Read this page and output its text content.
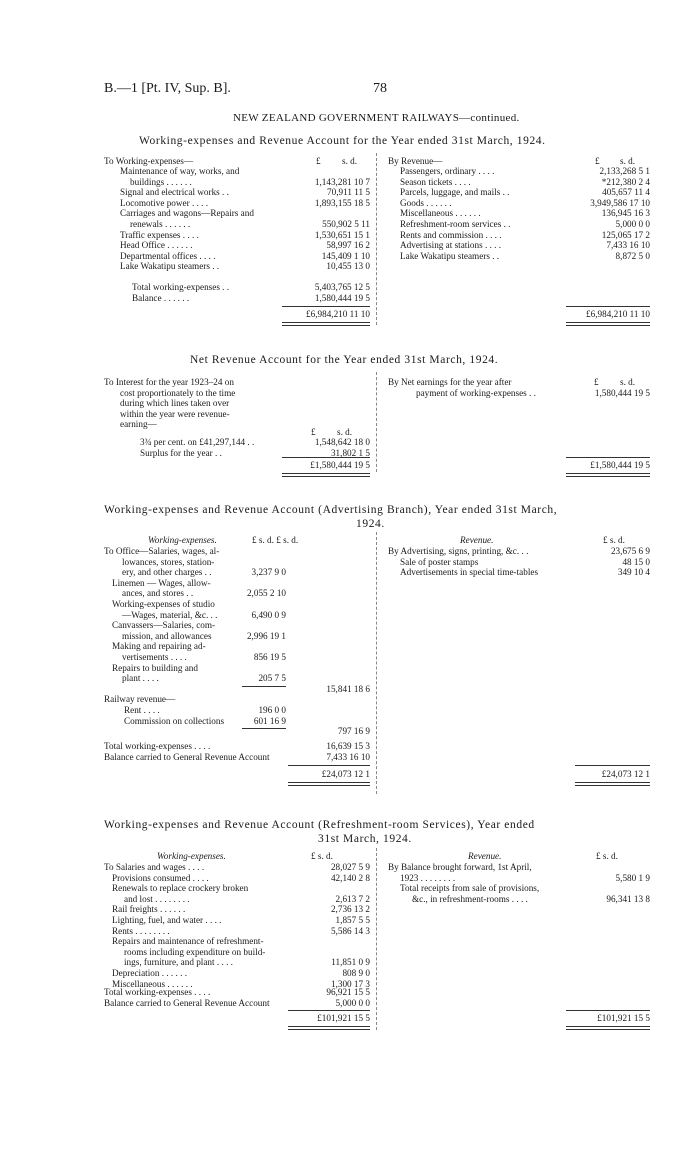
B.—1 [Pt. IV, Sup. B].	78
NEW ZEALAND GOVERNMENT RAILWAYS—continued.
Working-expenses and Revenue Account for the Year ended 31st March, 1924.
To Working-expenses—	£ s. d.
Maintenance of way, works, and
buildings . . . . . .	1,143,281 10 7
Signal and electrical works . .	70,911 11 5
Locomotive power . . . .	1,893,155 18 5
Carriages and wagons—Repairs and
renewals . . . . . .	550,902 5 11
Traffic expenses . . . .	1,530,651 15 1
Head Office . . . . . .	58,997 16 2
Departmental offices . . . .	145,409 1 10
Lake Wakatipu steamers . .	10,455 13 0
Total working-expenses . .	5,403,765 12 5
Balance . . . . . .	1,580,444 19 5
£6,984,210 11 10
By Revenue—	£ s. d.
Passengers, ordinary . . . .	2,133,268 5 1
Season tickets . . . .	*212,380 2 4
Parcels, luggage, and mails . .	405,657 11 4
Goods . . . . . .	3,949,586 17 10
Miscellaneous . . . . . .	136,945 16 3
Refreshment-room services . .	5,000 0 0
Rents and commission . . . .	125,065 17 2
Advertising at stations . . . .	7,433 16 10
Lake Wakatipu steamers . .	8,872 5 0
£6,984,210 11 10
Net Revenue Account for the Year ended 31st March, 1924.
To Interest for the year 1923–24 on
cost proportionately to the time
during which lines taken over
within the year were revenue-
earning—
£ s. d.
3¾ per cent. on £41,297,144 . .	1,548,642 18 0
Surplus for the year . .	31,802 1 5
£1,580,444 19 5
By Net earnings for the year after
payment of working-expenses . .
£ s. d.
1,580,444 19 5
£1,580,444 19 5
Working-expenses and Revenue Account (Advertising Branch), Year ended 31st March,
1924.
Working-expenses.	£ s. d. £ s. d.
To Office—Salaries, wages, al-
lowances, stores, station-
ery, and other charges . .	3,237 9 0
Linemen — Wages, allow-
ances, and stores . .	2,055 2 10
Working-expenses of studio
—Wages, material, &c. . .	6,490 0 9
Canvassers—Salaries, com-
mission, and allowances	2,996 19 1
Making and repairing ad-
vertisements . . . .	856 19 5
Repairs to building and
plant . . . .	205 7 5
15,841 18 6
Railway revenue—
Rent . . . .	196 0 0
Commission on collections	601 16 9
797 16 9
Total working-expenses . . . .	16,639 15 3
Balance carried to General Revenue Account	7,433 16 10
£24,073 12 1
Revenue.	£ s. d.
By Advertising, signs, printing, &c. . .	23,675 6 9
Sale of poster stamps	48 15 0
Advertisements in special time-tables	349 10 4
£24,073 12 1
Working-expenses and Revenue Account (Refreshment-room Services), Year ended
31st March, 1924.
Working-expenses.	£ s. d.
To Salaries and wages . . . .	28,027 5 9
Provisions consumed . . . .	42,140 2 8
Renewals to replace crockery broken
and lost . . . . . . . .	2,613 7 2
Rail freights . . . . . .	2,736 13 2
Lighting, fuel, and water . . . .	1,857 5 5
Rents . . . . . . . .	5,586 14 3
Repairs and maintenance of refreshment-
rooms including expenditure on build-
ings, furniture, and plant . . . .	11,851 0 9
Depreciation . . . . . .	808 9 0
Miscellaneous . . . . . .	1,300 17 3
Total working-expenses . . . .	96,921 15 5
Balance carried to General Revenue Account	5,000 0 0
£101,921 15 5
Revenue.	£ s. d.
By Balance brought forward, 1st April,
1923 . . . . . . . .	5,580 1 9
Total receipts from sale of provisions,
&c., in refreshment-rooms . . . .	96,341 13 8
£101,921 15 5
